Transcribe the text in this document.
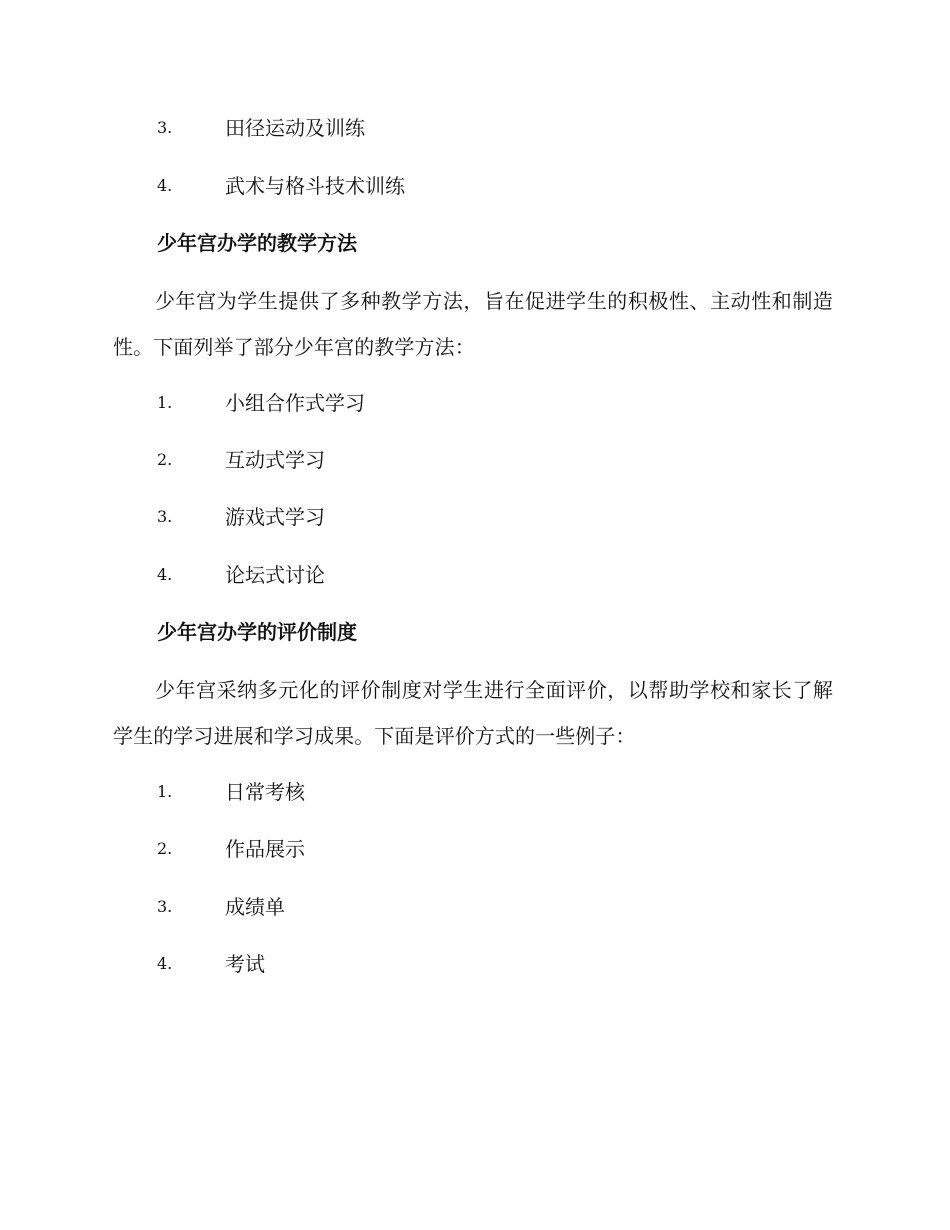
3.	田径运动及训练
4.	武术与格斗技术训练
少年宫办学的教学方法
少年宫为学生提供了多种教学方法，旨在促进学生的积极性、主动性和制造性。下面列举了部分少年宫的教学方法：
1.	小组合作式学习
2.	互动式学习
3.	游戏式学习
4.	论坛式讨论
少年宫办学的评价制度
少年宫采纳多元化的评价制度对学生进行全面评价，以帮助学校和家长了解学生的学习进展和学习成果。下面是评价方式的一些例子：
1.	日常考核
2.	作品展示
3.	成绩单
4.	考试
